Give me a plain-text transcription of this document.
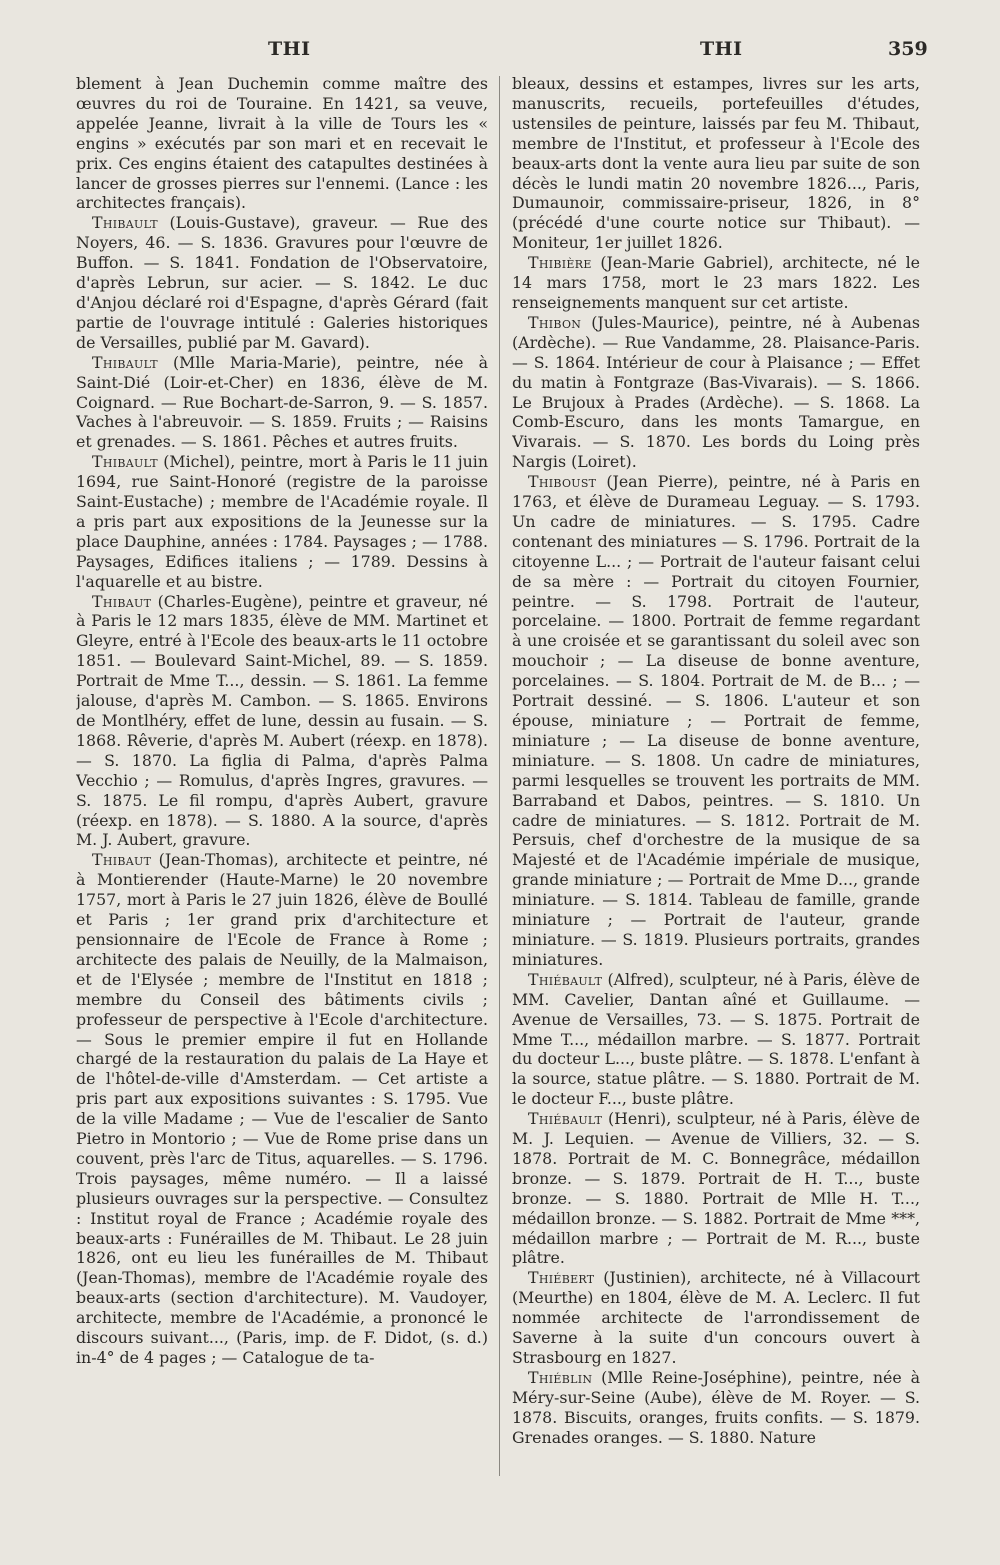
THI	THI	359

blement à Jean Duchemin comme maître des œuvres du roi de Touraine. En 1421, sa veuve, appelée Jeanne, livrait à la ville de Tours les « engins » exécutés par son mari et en recevait le prix. Ces engins étaient des catapultes destinées à lancer de grosses pierres sur l'ennemi. (Lance : les architectes français).

Thibault (Louis-Gustave), graveur. — Rue des Noyers, 46. — S. 1836. Gravures pour l'œuvre de Buffon. — S. 1841. Fondation de l'Observatoire, d'après Lebrun, sur acier. — S. 1842. Le duc d'Anjou déclaré roi d'Espagne, d'après Gérard (fait partie de l'ouvrage intitulé : Galeries historiques de Versailles, publié par M. Gavard).

Thibault (Mlle Maria-Marie), peintre, née à Saint-Dié (Loir-et-Cher) en 1836, élève de M. Coignard. — Rue Bochart-de-Sarron, 9. — S. 1857. Vaches à l'abreuvoir. — S. 1859. Fruits ; — Raisins et grenades. — S. 1861. Pêches et autres fruits.

Thibault (Michel), peintre, mort à Paris le 11 juin 1694, rue Saint-Honoré (registre de la paroisse Saint-Eustache) ; membre de l'Académie royale. Il a pris part aux expositions de la Jeunesse sur la place Dauphine, années : 1784. Paysages ; — 1788. Paysages, Edifices italiens ; — 1789. Dessins à l'aquarelle et au bistre.

Thibaut (Charles-Eugène), peintre et graveur, né à Paris le 12 mars 1835, élève de MM. Martinet et Gleyre, entré à l'Ecole des beaux-arts le 11 octobre 1851. — Boulevard Saint-Michel, 89. — S. 1859. Portrait de Mme T..., dessin. — S. 1861. La femme jalouse, d'après M. Cambon. — S. 1865. Environs de Montlhéry, effet de lune, dessin au fusain. — S. 1868. Rêverie, d'après M. Aubert (réexp. en 1878). — S. 1870. La figlia di Palma, d'après Palma Vecchio ; — Romulus, d'après Ingres, gravures. — S. 1875. Le fil rompu, d'après Aubert, gravure (réexp. en 1878). — S. 1880. A la source, d'après M. J. Aubert, gravure.

Thibaut (Jean-Thomas), architecte et peintre, né à Montierender (Haute-Marne) le 20 novembre 1757, mort à Paris le 27 juin 1826, élève de Boullé et Paris ; 1er grand prix d'architecture et pensionnaire de l'Ecole de France à Rome ; architecte des palais de Neuilly, de la Malmaison, et de l'Elysée ; membre de l'Institut en 1818 ; membre du Conseil des bâtiments civils ; professeur de perspective à l'Ecole d'architecture. — Sous le premier empire il fut en Hollande chargé de la restauration du palais de La Haye et de l'hôtel-de-ville d'Amsterdam. — Cet artiste a pris part aux expositions suivantes : S. 1795. Vue de la ville Madame ; — Vue de l'escalier de Santo Pietro in Montorio ; — Vue de Rome prise dans un couvent, près l'arc de Titus, aquarelles. — S. 1796. Trois paysages, même numéro. — Il a laissé plusieurs ouvrages sur la perspective. — Consultez : Institut royal de France ; Académie royale des beaux-arts : Funérailles de M. Thibaut. Le 28 juin 1826, ont eu lieu les funérailles de M. Thibaut (Jean-Thomas), membre de l'Académie royale des beaux-arts (section d'architecture). M. Vaudoyer, architecte, membre de l'Académie, a prononcé le discours suivant..., (Paris, imp. de F. Didot, (s. d.) in-4° de 4 pages ; — Catalogue de ta-

bleaux, dessins et estampes, livres sur les arts, manuscrits, recueils, portefeuilles d'études, ustensiles de peinture, laissés par feu M. Thibaut, membre de l'Institut, et professeur à l'Ecole des beaux-arts dont la vente aura lieu par suite de son décès le lundi matin 20 novembre 1826..., Paris, Dumaunoir, commissaire-priseur, 1826, in 8° (précédé d'une courte notice sur Thibaut). — Moniteur, 1er juillet 1826.

Thibière (Jean-Marie Gabriel), architecte, né le 14 mars 1758, mort le 23 mars 1822. Les renseignements manquent sur cet artiste.

Thibon (Jules-Maurice), peintre, né à Aubenas (Ardèche). — Rue Vandamme, 28. Plaisance-Paris. — S. 1864. Intérieur de cour à Plaisance ; — Effet du matin à Fontgraze (Bas-Vivarais). — S. 1866. Le Brujoux à Prades (Ardèche). — S. 1868. La Comb-Escuro, dans les monts Tamargue, en Vivarais. — S. 1870. Les bords du Loing près Nargis (Loiret).

Thiboust (Jean Pierre), peintre, né à Paris en 1763, et élève de Durameau Leguay. — S. 1793. Un cadre de miniatures. — S. 1795. Cadre contenant des miniatures — S. 1796. Portrait de la citoyenne L... ; — Portrait de l'auteur faisant celui de sa mère : — Portrait du citoyen Fournier, peintre. — S. 1798. Portrait de l'auteur, porcelaine. — 1800. Portrait de femme regardant à une croisée et se garantissant du soleil avec son mouchoir ; — La diseuse de bonne aventure, porcelaines. — S. 1804. Portrait de M. de B... ; — Portrait dessiné. — S. 1806. L'auteur et son épouse, miniature ; — Portrait de femme, miniature ; — La diseuse de bonne aventure, miniature. — S. 1808. Un cadre de miniatures, parmi lesquelles se trouvent les portraits de MM. Barraband et Dabos, peintres. — S. 1810. Un cadre de miniatures. — S. 1812. Portrait de M. Persuis, chef d'orchestre de la musique de sa Majesté et de l'Académie impériale de musique, grande miniature ; — Portrait de Mme D..., grande miniature. — S. 1814. Tableau de famille, grande miniature ; — Portrait de l'auteur, grande miniature. — S. 1819. Plusieurs portraits, grandes miniatures.

Thiébault (Alfred), sculpteur, né à Paris, élève de MM. Cavelier, Dantan aîné et Guillaume. — Avenue de Versailles, 73. — S. 1875. Portrait de Mme T..., médaillon marbre. — S. 1877. Portrait du docteur L..., buste plâtre. — S. 1878. L'enfant à la source, statue plâtre. — S. 1880. Portrait de M. le docteur F..., buste plâtre.

Thiébault (Henri), sculpteur, né à Paris, élève de M. J. Lequien. — Avenue de Villiers, 32. — S. 1878. Portrait de M. C. Bonnegrâce, médaillon bronze. — S. 1879. Portrait de H. T..., buste bronze. — S. 1880. Portrait de Mlle H. T..., médaillon bronze. — S. 1882. Portrait de Mme ***, médaillon marbre ; — Portrait de M. R..., buste plâtre.

Thiébert (Justinien), architecte, né à Villacourt (Meurthe) en 1804, élève de M. A. Leclerc. Il fut nommée architecte de l'arrondissement de Saverne à la suite d'un concours ouvert à Strasbourg en 1827.

Thiéblin (Mlle Reine-Joséphine), peintre, née à Méry-sur-Seine (Aube), élève de M. Royer. — S. 1878. Biscuits, oranges, fruits confits. — S. 1879. Grenades oranges. — S. 1880. Nature
